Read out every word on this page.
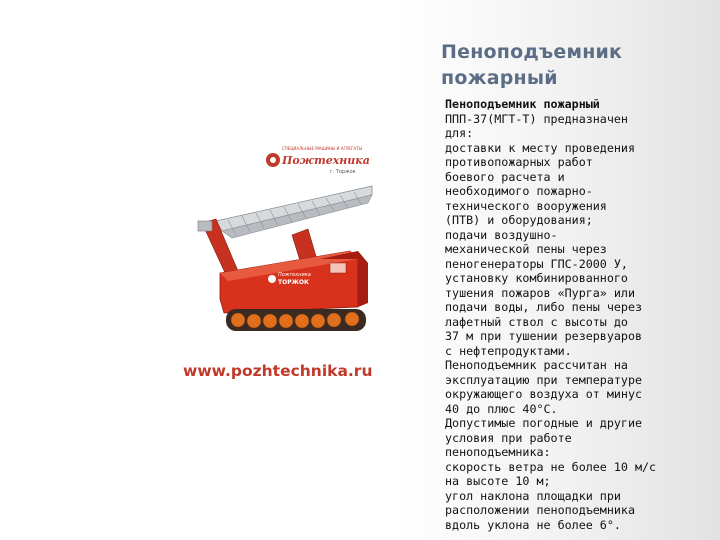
Пеноподъемник
пожарный
СПЕЦИАЛЬНЫЕ МАШИНЫ И АГРЕГАТЫ
Пожтехника
г. Торжок
Пожтехника
ТОРЖОК
www.pozhtechnika.ru
Пеноподъемник пожарный
ППП-37(МГТ-Т) предназначен
для:
доставки к месту проведения
противопожарных работ
боевого расчета и
необходимого пожарно-
технического вооружения
(ПТВ) и оборудования;
подачи воздушно-
механической пены через
пеногенераторы ГПС-2000 У,
установку комбинированного
тушения пожаров «Пурга» или
подачи воды, либо пены через
лафетный ствол с высоты до
37 м при тушении резервуаров
с нефтепродуктами.
Пеноподъемник рассчитан на
эксплуатацию при температуре
окружающего воздуха от минус
40 до плюс 40°С.
Допустимые погодные и другие
условия при работе
пеноподъемника:
скорость ветра не более 10 м/с
на высоте 10 м;
угол наклона площадки при
расположении пеноподъемника
вдоль уклона не более 6°.
